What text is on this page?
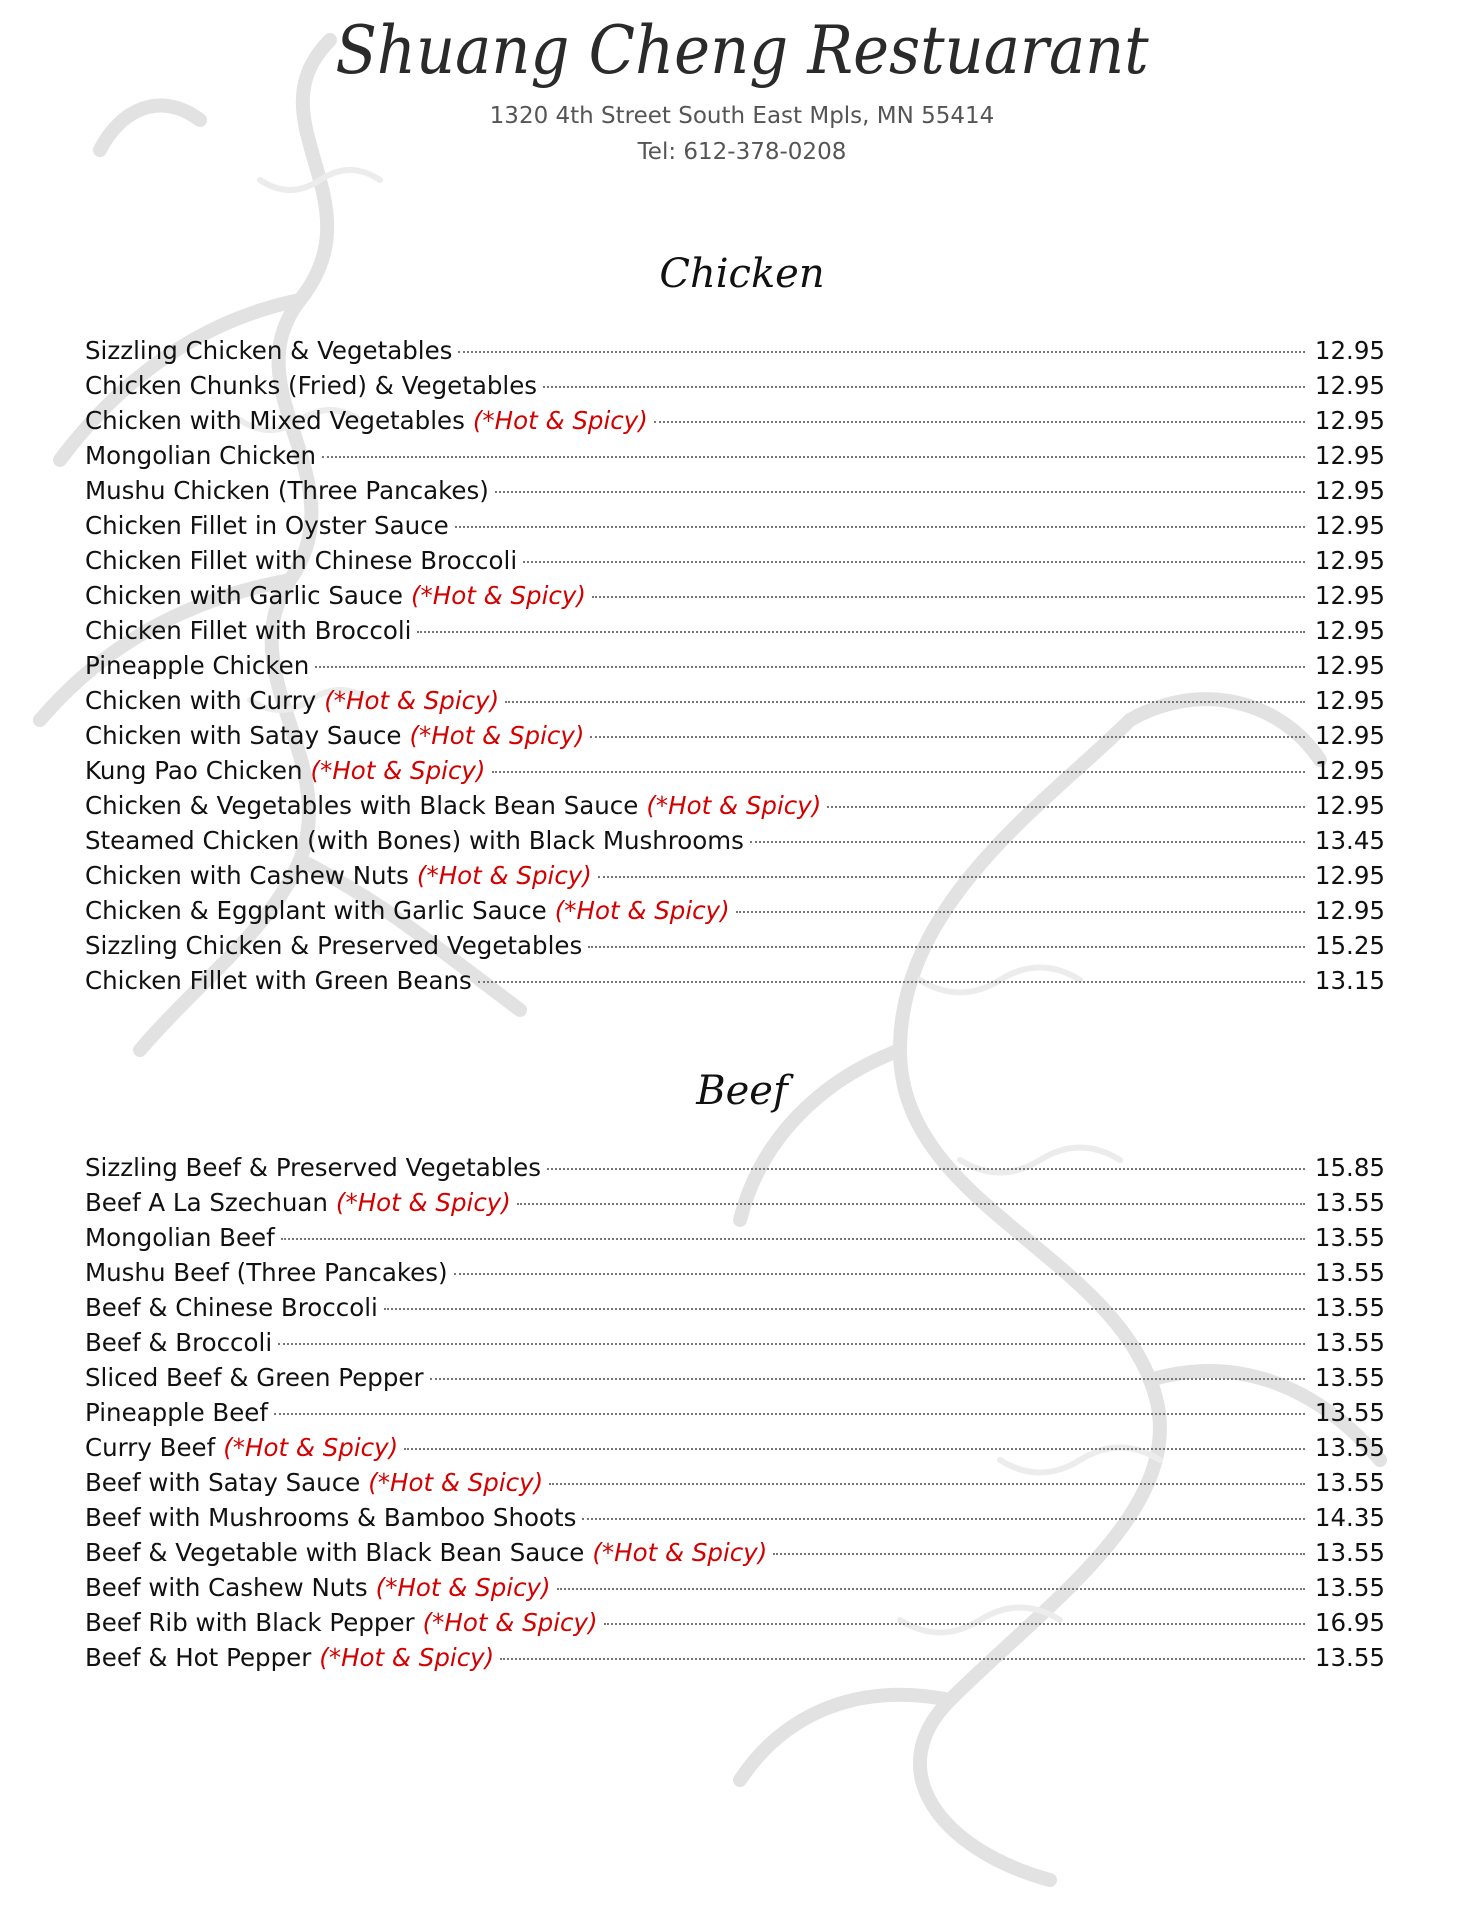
Shuang Cheng Restuarant
1320 4th Street South East Mpls, MN 55414
Tel: 612-378-0208
Chicken
Sizzling Chicken & Vegetables	12.95
Chicken Chunks (Fried) & Vegetables	12.95
Chicken with Mixed Vegetables (*Hot & Spicy)	12.95
Mongolian Chicken	12.95
Mushu Chicken (Three Pancakes)	12.95
Chicken Fillet in Oyster Sauce	12.95
Chicken Fillet with Chinese Broccoli	12.95
Chicken with Garlic Sauce (*Hot & Spicy)	12.95
Chicken Fillet with Broccoli	12.95
Pineapple Chicken	12.95
Chicken with Curry (*Hot & Spicy)	12.95
Chicken with Satay Sauce (*Hot & Spicy)	12.95
Kung Pao Chicken (*Hot & Spicy)	12.95
Chicken & Vegetables with Black Bean Sauce (*Hot & Spicy)	12.95
Steamed Chicken (with Bones) with Black Mushrooms	13.45
Chicken with Cashew Nuts (*Hot & Spicy)	12.95
Chicken & Eggplant with Garlic Sauce (*Hot & Spicy)	12.95
Sizzling Chicken & Preserved Vegetables	15.25
Chicken Fillet with Green Beans	13.15
Beef
Sizzling Beef & Preserved Vegetables	15.85
Beef A La Szechuan (*Hot & Spicy)	13.55
Mongolian Beef	13.55
Mushu Beef (Three Pancakes)	13.55
Beef & Chinese Broccoli	13.55
Beef & Broccoli	13.55
Sliced Beef & Green Pepper	13.55
Pineapple Beef	13.55
Curry Beef (*Hot & Spicy)	13.55
Beef with Satay Sauce (*Hot & Spicy)	13.55
Beef with Mushrooms & Bamboo Shoots	14.35
Beef & Vegetable with Black Bean Sauce (*Hot & Spicy)	13.55
Beef with Cashew Nuts (*Hot & Spicy)	13.55
Beef Rib with Black Pepper (*Hot & Spicy)	16.95
Beef & Hot Pepper (*Hot & Spicy)	13.55
